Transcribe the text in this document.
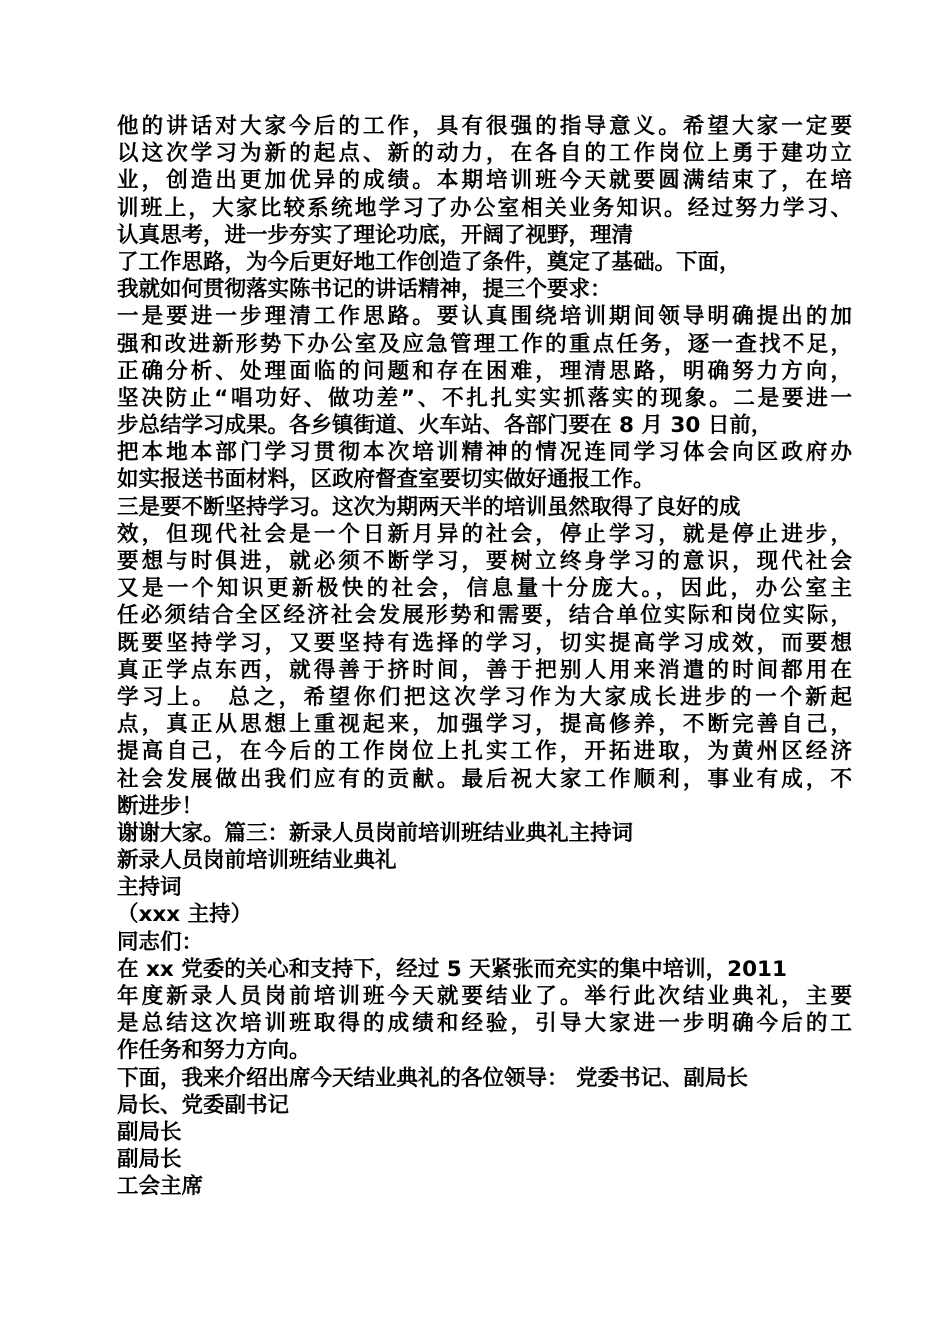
他的讲话对大家今后的工作，具有很强的指导意义。希望大家一定要
以这次学习为新的起点、新的动力，在各自的工作岗位上勇于建功立
业，创造出更加优异的成绩。本期培训班今天就要圆满结束了，在培
训班上，大家比较系统地学习了办公室相关业务知识。经过努力学习、
认真思考，进一步夯实了理论功底，开阔了视野，理清
了工作思路，为今后更好地工作创造了条件，奠定了基础。下面，
我就如何贯彻落实陈书记的讲话精神，提三个要求：
一是要进一步理清工作思路。要认真围绕培训期间领导明确提出的加
强和改进新形势下办公室及应急管理工作的重点任务，逐一查找不足，
正确分析、处理面临的问题和存在困难，理清思路，明确努力方向，
坚决防止“唱功好、做功差”、不扎扎实实抓落实的现象。二是要进一
步总结学习成果。各乡镇街道、火车站、各部门要在 8 月 30 日前，
把本地本部门学习贯彻本次培训精神的情况连同学习体会向区政府办
如实报送书面材料，区政府督查室要切实做好通报工作。
三是要不断坚持学习。这次为期两天半的培训虽然取得了良好的成
效，但现代社会是一个日新月异的社会，停止学习，就是停止进步，
要想与时俱进，就必须不断学习，要树立终身学习的意识，现代社会
又是一个知识更新极快的社会，信息量十分庞大。，因此，办公室主
任必须结合全区经济社会发展形势和需要，结合单位实际和岗位实际，
既要坚持学习，又要坚持有选择的学习，切实提高学习成效，而要想
真正学点东西，就得善于挤时间，善于把别人用来消遣的时间都用在
学习上。 总之，希望你们把这次学习作为大家成长进步的一个新起
点，真正从思想上重视起来，加强学习，提高修养，不断完善自己，
提高自己，在今后的工作岗位上扎实工作，开拓进取，为黄州区经济
社会发展做出我们应有的贡献。最后祝大家工作顺利，事业有成，不
断进步！
谢谢大家。篇三：新录人员岗前培训班结业典礼主持词
新录人员岗前培训班结业典礼
主持词
（xxx 主持）
同志们：
在 xx 党委的关心和支持下，经过 5 天紧张而充实的集中培训，2011
年度新录人员岗前培训班今天就要结业了。举行此次结业典礼，主要
是总结这次培训班取得的成绩和经验，引导大家进一步明确今后的工
作任务和努力方向。
下面，我来介绍出席今天结业典礼的各位领导： 党委书记、副局长
局长、党委副书记
副局长
副局长
工会主席
